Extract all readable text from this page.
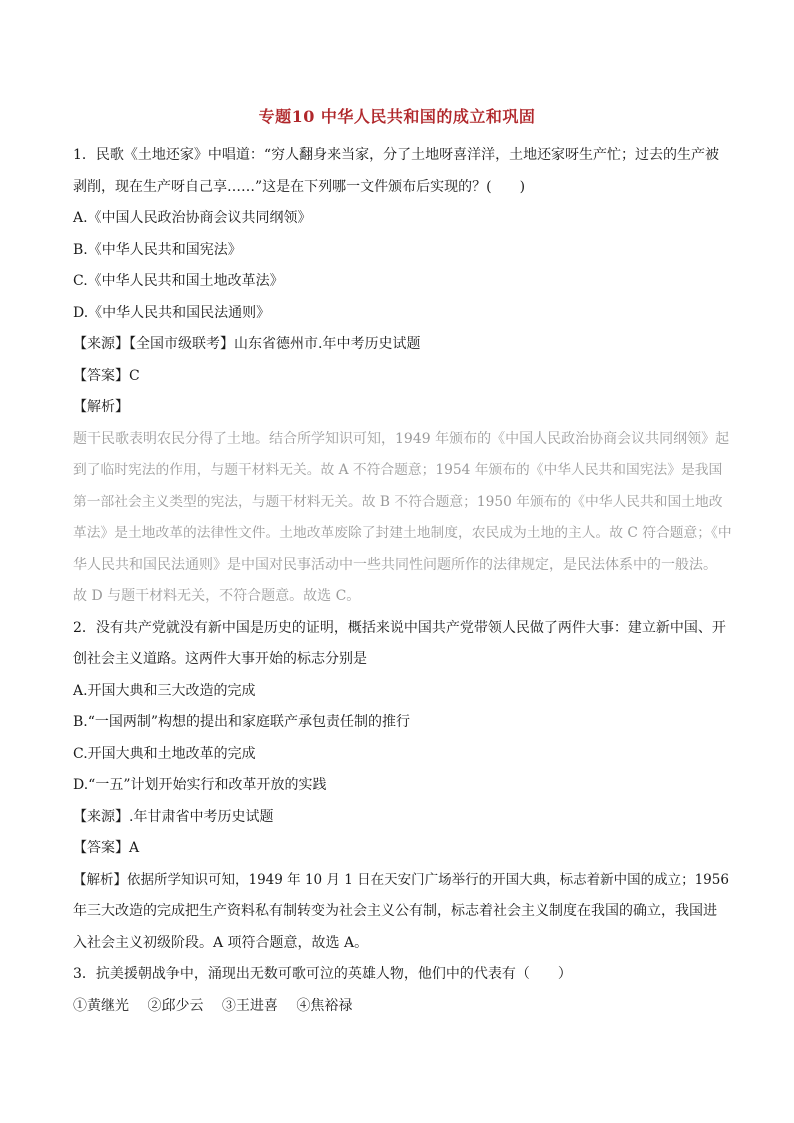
专题10 中华人民共和国的成立和巩固
1．民歌《土地还家》中唱道：“穷人翻身来当家，分了土地呀喜洋洋，土地还家呀生产忙；过去的生产被
剥削，现在生产呀自己享……”这是在下列哪一文件颁布后实现的？(　　)
A.《中国人民政治协商会议共同纲领》
B.《中华人民共和国宪法》
C.《中华人民共和国土地改革法》
D.《中华人民共和国民法通则》
【来源】【全国市级联考】山东省德州市.年中考历史试题
【答案】C
【解析】
题干民歌表明农民分得了土地。结合所学知识可知，1949 年颁布的《中国人民政治协商会议共同纲领》起
到了临时宪法的作用，与题干材料无关。故 A 不符合题意；1954 年颁布的《中华人民共和国宪法》是我国
第一部社会主义类型的宪法，与题干材料无关。故 B 不符合题意；1950 年颁布的《中华人民共和国土地改
革法》是土地改革的法律性文件。土地改革废除了封建土地制度，农民成为土地的主人。故 C 符合题意；《中
华人民共和国民法通则》是中国对民事活动中一些共同性问题所作的法律规定，是民法体系中的一般法。
故 D 与题干材料无关，不符合题意。故选 C。
2．没有共产党就没有新中国是历史的证明，概括来说中国共产党带领人民做了两件大事：建立新中国、开
创社会主义道路。这两件大事开始的标志分别是
A.开国大典和三大改造的完成
B.“一国两制”构想的提出和家庭联产承包责任制的推行
C.开国大典和土地改革的完成
D.“一五”计划开始实行和改革开放的实践
【来源】.年甘肃省中考历史试题
【答案】A
【解析】依据所学知识可知，1949 年 10 月 1 日在天安门广场举行的开国大典，标志着新中国的成立；1956
年三大改造的完成把生产资料私有制转变为社会主义公有制，标志着社会主义制度在我国的确立，我国进
入社会主义初级阶段。A 项符合题意，故选 A。
3．抗美援朝战争中，涌现出无数可歌可泣的英雄人物，他们中的代表有（　　）
①黄继光　 ②邱少云　 ③王进喜　 ④焦裕禄
